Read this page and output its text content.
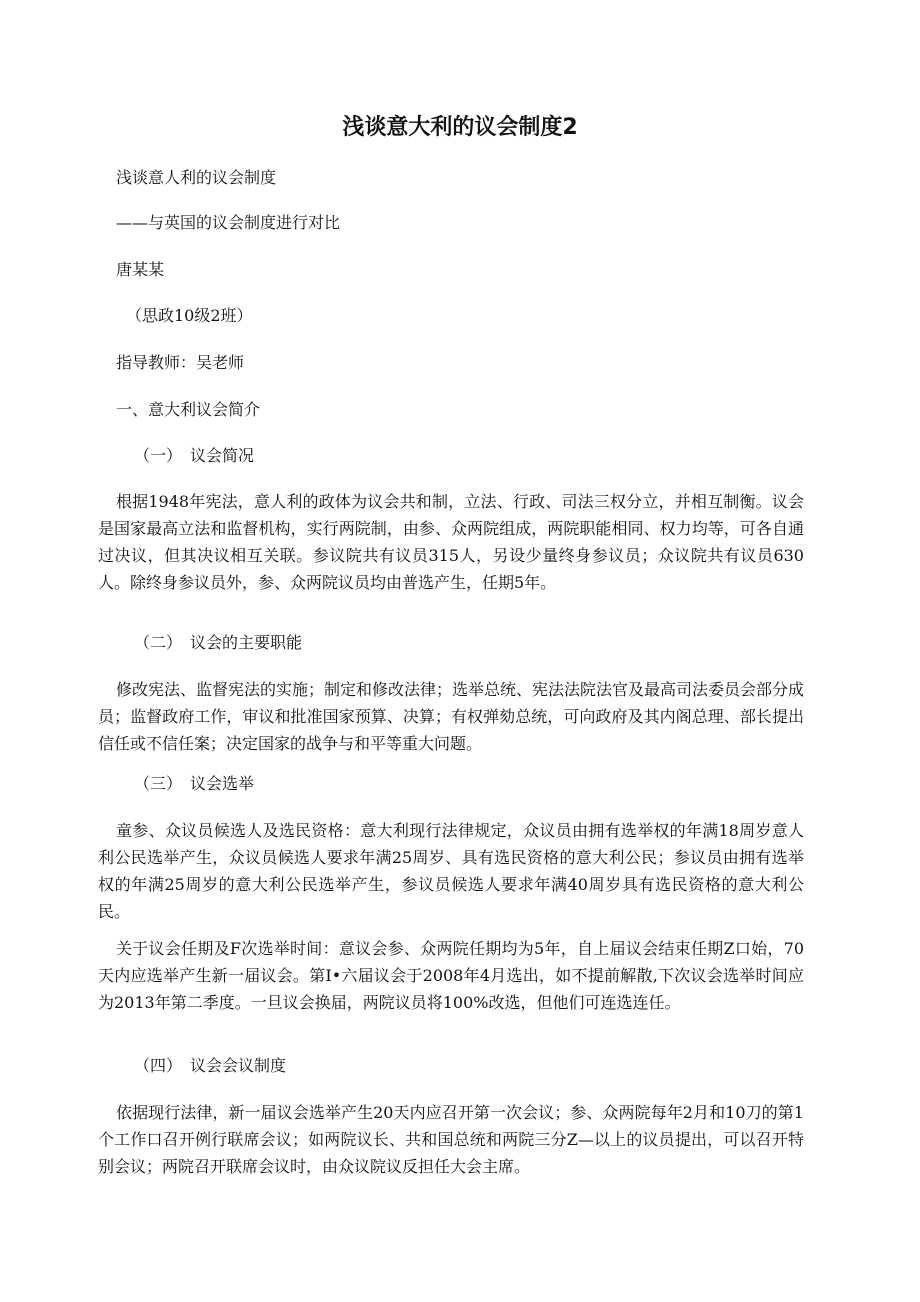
浅谈意大利的议会制度2
浅谈意人利的议会制度
——与英国的议会制度进行对比
唐某某
（思政10级2班）
指导教师：吴老师
一、意大利议会简介
（一） 议会简况
根据1948年宪法，意人利的政体为议会共和制，立法、行政、司法三权分立，并相互制衡。议会是国家最高立法和监督机构，实行两院制，由参、众两院组成，两院职能相同、权力均等，可各自通过决议，但其决议相互关联。参议院共有议员315人，另设少量终身参议员；众议院共有议员630人。除终身参议员外，参、众两院议员均由普选产生，任期5年。
（二） 议会的主要职能
修改宪法、监督宪法的实施；制定和修改法律；选举总统、宪法法院法官及最高司法委员会部分成员；监督政府工作，审议和批准国家预算、决算；有权弹劾总统，可向政府及其内阁总理、部长提出信任或不信任案；决定国家的战争与和平等重大问题。
（三） 议会选举
童参、众议员候选人及选民资格：意大利现行法律规定，众议员由拥有选举权的年满18周岁意人利公民选举产生，众议员候选人要求年满25周岁、具有选民资格的意大利公民；参议员由拥有选举权的年满25周岁的意大利公民选举产生，参议员候选人要求年满40周岁具有选民资格的意大利公民。
关于议会任期及F次选举时间：意议会参、众两院任期均为5年，自上届议会结束任期Z口始，70天内应选举产生新一届议会。第I•六届议会于2008年4月选出，如不提前解散,下次议会选举时间应为2013年第二季度。一旦议会换届，两院议员将100%改选，但他们可连选连任。
（四） 议会会议制度
依据现行法律，新一届议会选举产生20天内应召开第一次会议；参、众两院每年2月和10刀的第1个工作口召开例行联席会议；如两院议长、共和国总统和两院三分Z—以上的议员提出，可以召开特别会议；两院召开联席会议时，由众议院议反担任大会主席。
